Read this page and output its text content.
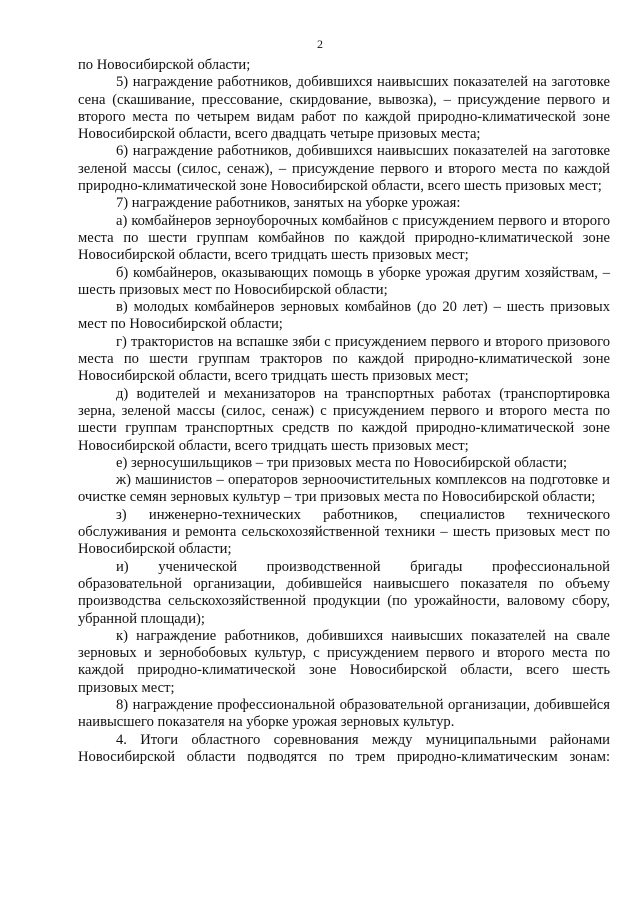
2

по Новосибирской области;

5) награждение работников, добившихся наивысших показателей на заготовке сена (скашивание, прессование, скирдование, вывозка), – присуждение первого и второго места по четырем видам работ по каждой природно-климатической зоне Новосибирской области, всего двадцать четыре призовых места;

6) награждение работников, добившихся наивысших показателей на заготовке зеленой массы (силос, сенаж), – присуждение первого и второго места по каждой природно-климатической зоне Новосибирской области, всего шесть призовых мест;

7) награждение работников, занятых на уборке урожая:

а) комбайнеров зерноуборочных комбайнов с присуждением первого и второго места по шести группам комбайнов по каждой природно-климатической зоне Новосибирской области, всего тридцать шесть призовых мест;

б) комбайнеров, оказывающих помощь в уборке урожая другим хозяйствам, – шесть призовых мест по Новосибирской области;

в) молодых комбайнеров зерновых комбайнов (до 20 лет) – шесть призовых мест по Новосибирской области;

г) трактористов на вспашке зяби с присуждением первого и второго призового места по шести группам тракторов по каждой природно-климатической зоне Новосибирской области, всего тридцать шесть призовых мест;

д) водителей и механизаторов на транспортных работах (транспортировка зерна, зеленой массы (силос, сенаж) с присуждением первого и второго места по шести группам транспортных средств по каждой природно-климатической зоне Новосибирской области, всего тридцать шесть призовых мест;

е) зерносушильщиков – три призовых места по Новосибирской области;

ж) машинистов – операторов зерноочистительных комплексов на подготовке и очистке семян зерновых культур – три призовых места по Новосибирской области;

з) инженерно-технических работников, специалистов технического обслуживания и ремонта сельскохозяйственной техники – шесть призовых мест по Новосибирской области;

и) ученической производственной бригады профессиональной образовательной организации, добившейся наивысшего показателя по объему производства сельскохозяйственной продукции (по урожайности, валовому сбору, убранной площади);

к) награждение работников, добившихся наивысших показателей на свале зерновых и зернобобовых культур, с присуждением первого и второго места по каждой природно-климатической зоне Новосибирской области, всего шесть призовых мест;

8) награждение профессиональной образовательной организации, добившейся наивысшего показателя на уборке урожая зерновых культур.

4. Итоги областного соревнования между муниципальными районами Новосибирской области подводятся по трем природно-климатическим зонам:
